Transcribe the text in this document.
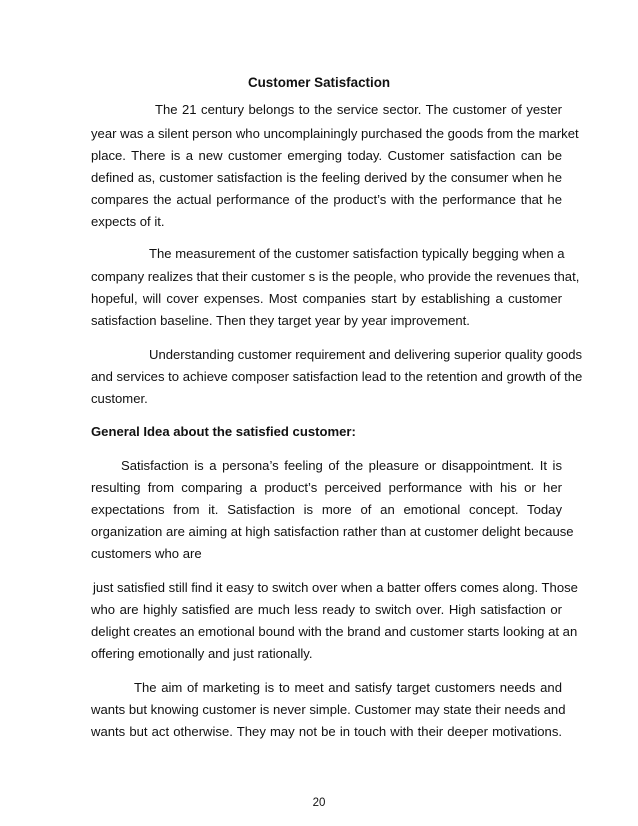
Customer Satisfaction
The 21 century belongs to the service sector. The customer of yester
year was a silent person who uncomplainingly purchased the goods from the market
place. There is a new customer emerging today. Customer satisfaction can be
defined as, customer satisfaction is the feeling derived by the consumer when he
compares the actual performance of the product’s with the performance that he
expects of it.
The measurement of the customer satisfaction typically begging when a
company realizes that their customer s is the people, who provide the revenues that,
hopeful, will cover expenses. Most companies start by establishing a customer
satisfaction baseline. Then they target year by year improvement.
Understanding customer requirement and delivering superior quality goods
and services to achieve composer satisfaction lead to the retention and growth of the
customer.
General Idea about the satisfied customer:
Satisfaction is a persona’s feeling of the pleasure or disappointment. It is
resulting from comparing a product’s perceived performance with his or her
expectations from it. Satisfaction is more of an emotional concept. Today
organization are aiming at high satisfaction rather than at customer delight because
customers who are
just satisfied still find it easy to switch over when a batter offers comes along. Those
who are highly satisfied are much less ready to switch over. High satisfaction or
delight creates an emotional bound with the brand and customer starts looking at an
offering emotionally and just rationally.
The aim of marketing is to meet and satisfy target customers needs and
wants but knowing customer is never simple. Customer may state their needs and
wants but act otherwise. They may not be in touch with their deeper motivations.
20
